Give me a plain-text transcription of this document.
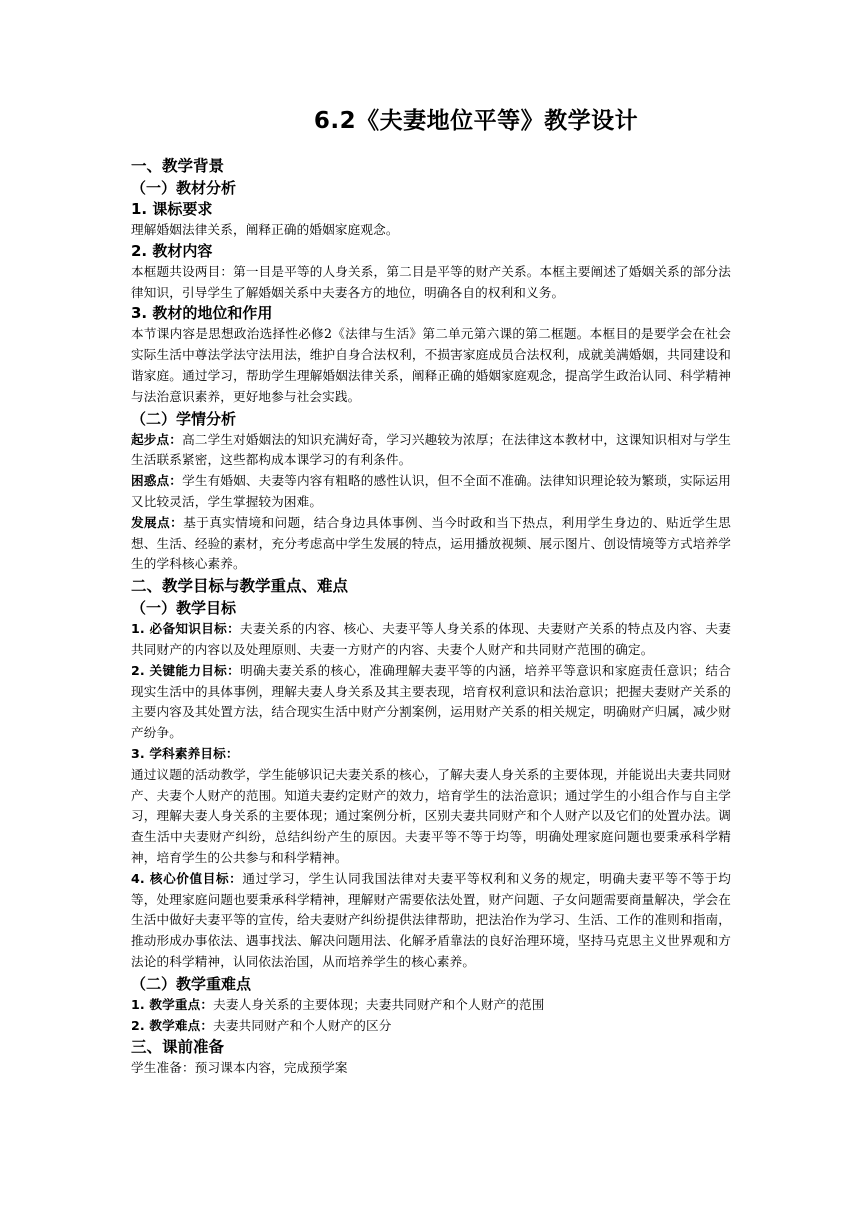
6.2《夫妻地位平等》教学设计
一、教学背景
（一）教材分析
1. 课标要求
理解婚姻法律关系，阐释正确的婚姻家庭观念。
2. 教材内容
本框题共设两目：第一目是平等的人身关系，第二目是平等的财产关系。本框主要阐述了婚姻关系的部分法律知识，引导学生了解婚姻关系中夫妻各方的地位，明确各自的权利和义务。
3. 教材的地位和作用
本节课内容是思想政治选择性必修2《法律与生活》第二单元第六课的第二框题。本框目的是要学会在社会实际生活中尊法学法守法用法，维护自身合法权利，不损害家庭成员合法权利，成就美满婚姻，共同建设和谐家庭。通过学习，帮助学生理解婚姻法律关系，阐释正确的婚姻家庭观念，提高学生政治认同、科学精神与法治意识素养，更好地参与社会实践。
（二）学情分析
起步点：高二学生对婚姻法的知识充满好奇，学习兴趣较为浓厚；在法律这本教材中，这课知识相对与学生生活联系紧密，这些都构成本课学习的有利条件。
困惑点：学生有婚姻、夫妻等内容有粗略的感性认识，但不全面不准确。法律知识理论较为繁琐，实际运用又比较灵活，学生掌握较为困难。
发展点：基于真实情境和问题，结合身边具体事例、当今时政和当下热点，利用学生身边的、贴近学生思想、生活、经验的素材，充分考虑高中学生发展的特点，运用播放视频、展示图片、创设情境等方式培养学生的学科核心素养。
二、教学目标与教学重点、难点
（一）教学目标
1. 必备知识目标：夫妻关系的内容、核心、夫妻平等人身关系的体现、夫妻财产关系的特点及内容、夫妻共同财产的内容以及处理原则、夫妻一方财产的内容、夫妻个人财产和共同财产范围的确定。
2. 关键能力目标：明确夫妻关系的核心，准确理解夫妻平等的内涵，培养平等意识和家庭责任意识；结合现实生活中的具体事例，理解夫妻人身关系及其主要表现，培育权利意识和法治意识；把握夫妻财产关系的主要内容及其处置方法，结合现实生活中财产分割案例，运用财产关系的相关规定，明确财产归属，减少财产纷争。
3. 学科素养目标：
通过议题的活动教学，学生能够识记夫妻关系的核心，了解夫妻人身关系的主要体现，并能说出夫妻共同财产、夫妻个人财产的范围。知道夫妻约定财产的效力，培育学生的法治意识；通过学生的小组合作与自主学习，理解夫妻人身关系的主要体现；通过案例分析，区别夫妻共同财产和个人财产以及它们的处置办法。调查生活中夫妻财产纠纷，总结纠纷产生的原因。夫妻平等不等于均等，明确处理家庭问题也要秉承科学精神，培育学生的公共参与和科学精神。
4. 核心价值目标：通过学习，学生认同我国法律对夫妻平等权利和义务的规定，明确夫妻平等不等于均等，处理家庭问题也要秉承科学精神，理解财产需要依法处置，财产问题、子女问题需要商量解决，学会在生活中做好夫妻平等的宣传，给夫妻财产纠纷提供法律帮助，把法治作为学习、生活、工作的准则和指南，推动形成办事依法、遇事找法、解决问题用法、化解矛盾靠法的良好治理环境，坚持马克思主义世界观和方法论的科学精神，认同依法治国，从而培养学生的核心素养。
（二）教学重难点
1. 教学重点：夫妻人身关系的主要体现；夫妻共同财产和个人财产的范围
2. 教学难点：夫妻共同财产和个人财产的区分
三、课前准备
学生准备：预习课本内容，完成预学案
